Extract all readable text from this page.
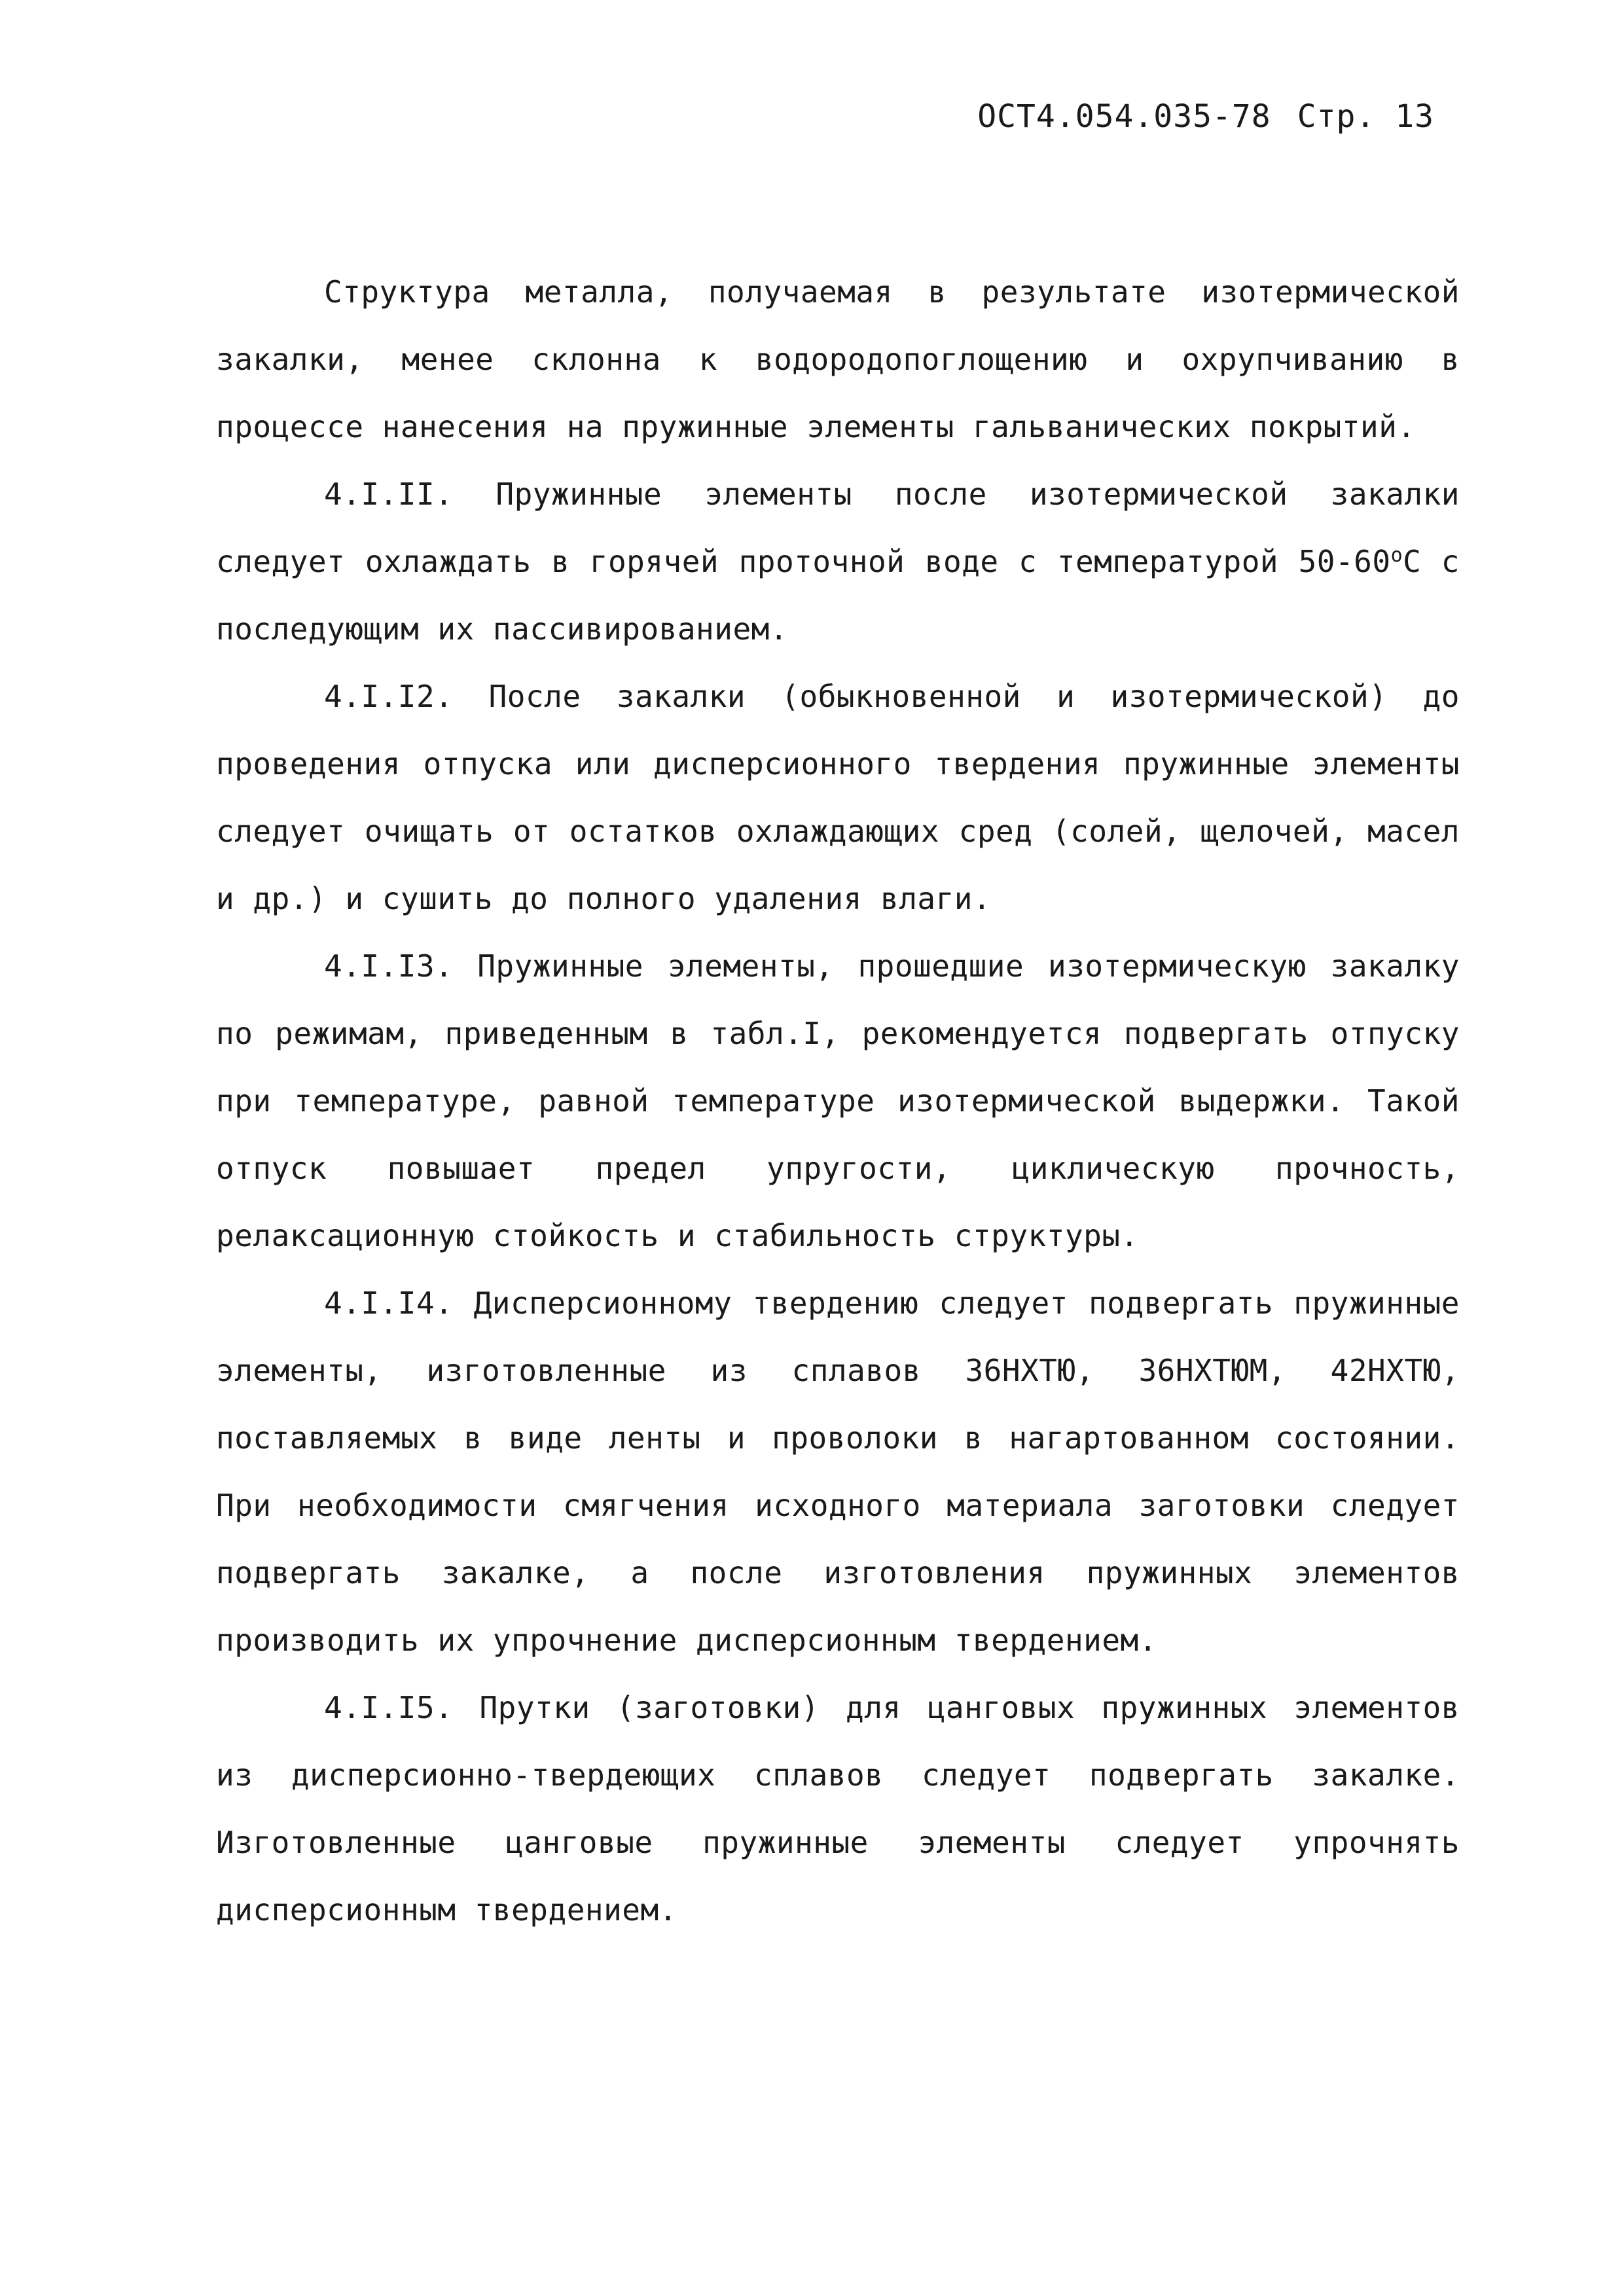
ОСТ4.054.035-78 Стр. 13

Структура металла, получаемая в результате изотермической закалки, менее склонна к водородопоглощению и охрупчиванию в процессе нанесения на пружинные элементы гальванических покрытий.

4.I.II. Пружинные элементы после изотермической закалки следует охлаждать в горячей проточной воде с температурой $50-60^оС$ с последующим их пассивированием.

4.I.I2. После закалки (обыкновенной и изотермической) до проведения отпуска или дисперсионного твердения пружинные элементы следует очищать от остатков охлаждающих сред (солей, щелочей, масел и др.) и сушить до полного удаления влаги.

4.I.I3. Пружинные элементы, прошедшие изотермическую закалку по режимам, приведенным в табл.I, рекомендуется подвергать отпуску при температуре, равной температуре изотермической выдержки. Такой отпуск повышает предел упругости, циклическую прочность, релаксационную стойкость и стабильность структуры.

4.I.I4. Дисперсионному твердению следует подвергать пружинные элементы, изготовленные из сплавов 36НХТЮ, 36НХТЮМ, 42НХТЮ, поставляемых в виде ленты и проволоки в нагартованном состоянии. При необходимости смягчения исходного материала заготовки следует подвергать закалке, а после изготовления пружинных элементов производить их упрочнение дисперсионным твердением.

4.I.I5. Прутки (заготовки) для цанговых пружинных элементов из дисперсионно-твердеющих сплавов следует подвергать закалке. Изготовленные цанговые пружинные элементы следует упрочнять дисперсионным твердением.
